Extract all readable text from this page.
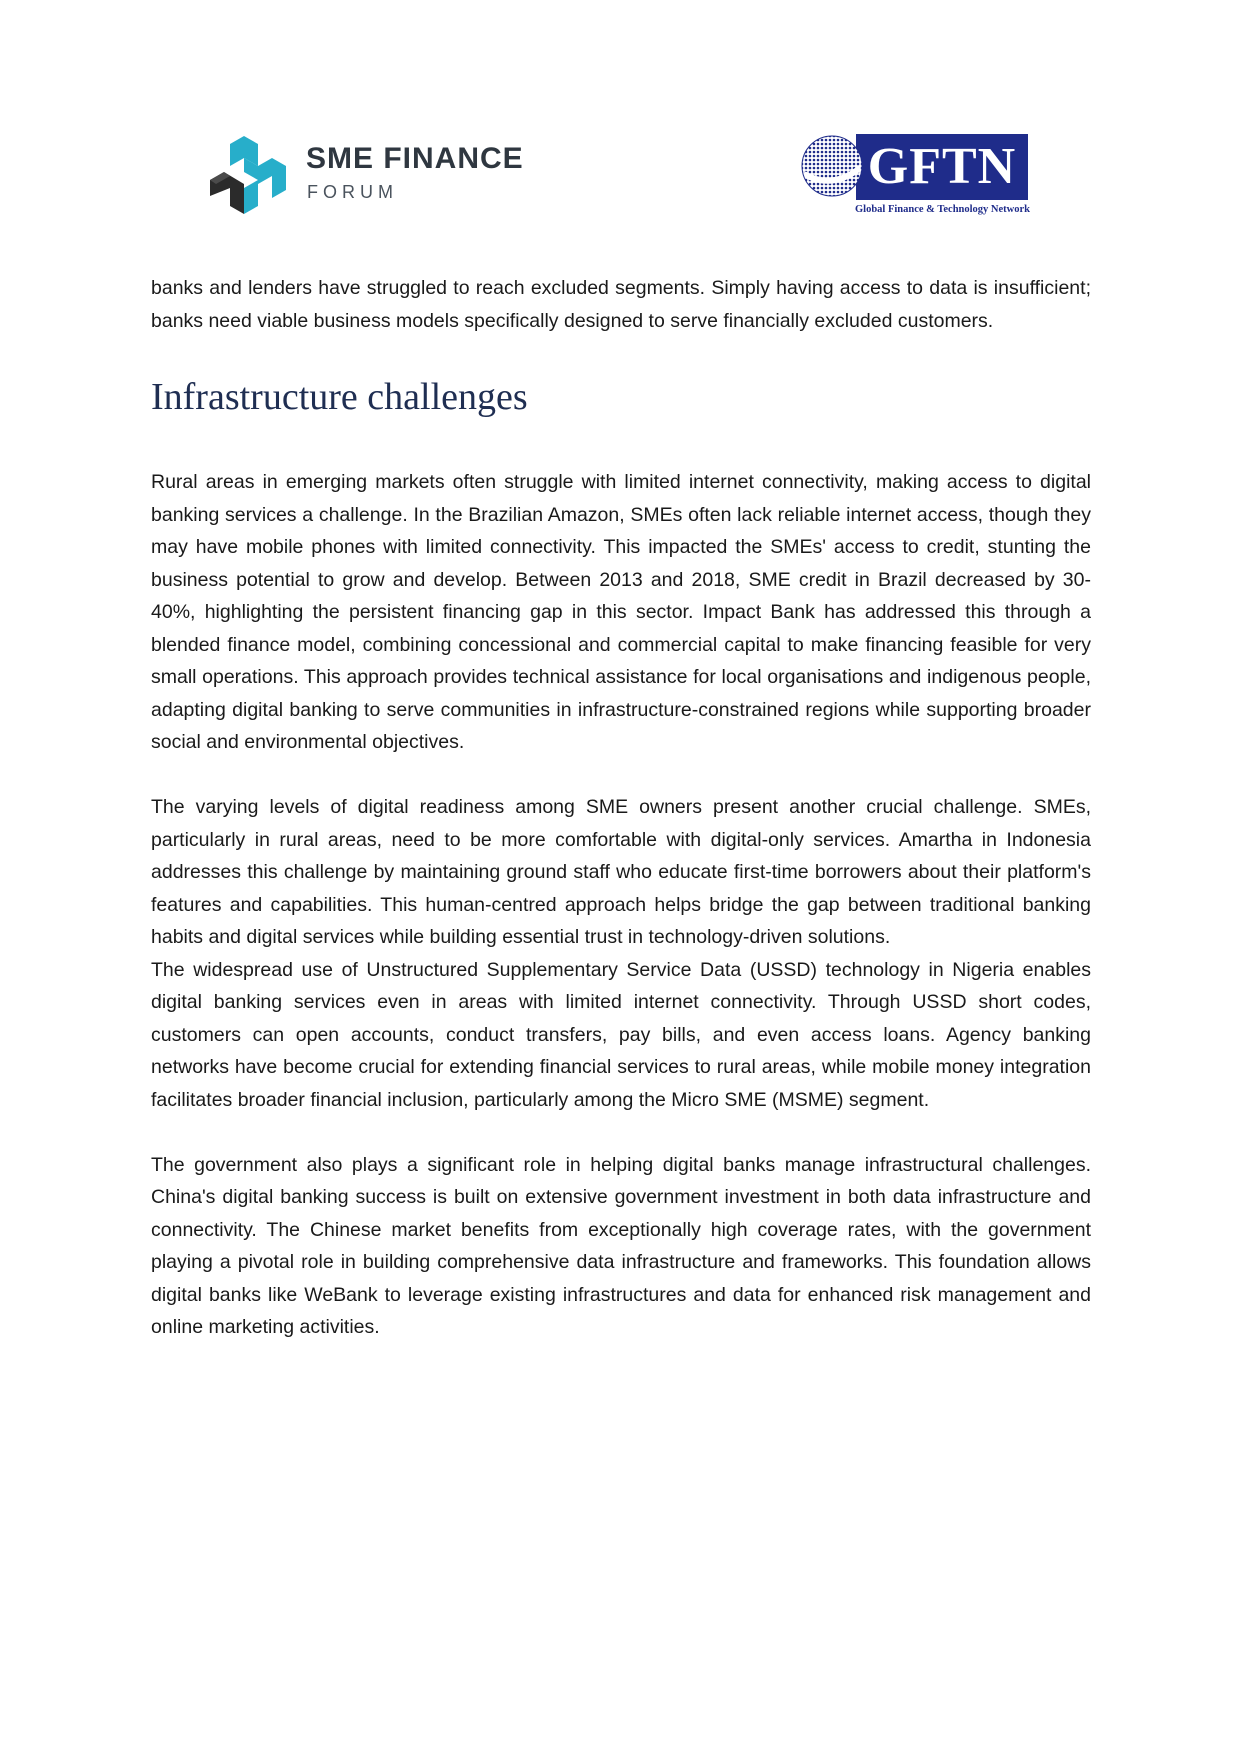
SME FINANCE
FORUM	GFTN
Global Finance & Technology Network

banks and lenders have struggled to reach excluded segments. Simply having access to data is insufficient; banks need viable business models specifically designed to serve financially excluded customers.

Infrastructure challenges

Rural areas in emerging markets often struggle with limited internet connectivity, making access to digital banking services a challenge. In the Brazilian Amazon, SMEs often lack reliable internet access, though they may have mobile phones with limited connectivity. This impacted the SMEs' access to credit, stunting the business potential to grow and develop. Between 2013 and 2018, SME credit in Brazil decreased by 30-40%, highlighting the persistent financing gap in this sector. Impact Bank has addressed this through a blended finance model, combining concessional and commercial capital to make financing feasible for very small operations. This approach provides technical assistance for local organisations and indigenous people, adapting digital banking to serve communities in infrastructure-constrained regions while supporting broader social and environmental objectives.

The varying levels of digital readiness among SME owners present another crucial challenge. SMEs, particularly in rural areas, need to be more comfortable with digital-only services. Amartha in Indonesia addresses this challenge by maintaining ground staff who educate first-time borrowers about their platform's features and capabilities. This human-centred approach helps bridge the gap between traditional banking habits and digital services while building essential trust in technology-driven solutions.

The widespread use of Unstructured Supplementary Service Data (USSD) technology in Nigeria enables digital banking services even in areas with limited internet connectivity. Through USSD short codes, customers can open accounts, conduct transfers, pay bills, and even access loans. Agency banking networks have become crucial for extending financial services to rural areas, while mobile money integration facilitates broader financial inclusion, particularly among the Micro SME (MSME) segment.

The government also plays a significant role in helping digital banks manage infrastructural challenges. China's digital banking success is built on extensive government investment in both data infrastructure and connectivity. The Chinese market benefits from exceptionally high coverage rates, with the government playing a pivotal role in building comprehensive data infrastructure and frameworks. This foundation allows digital banks like WeBank to leverage existing infrastructures and data for enhanced risk management and online marketing activities.
